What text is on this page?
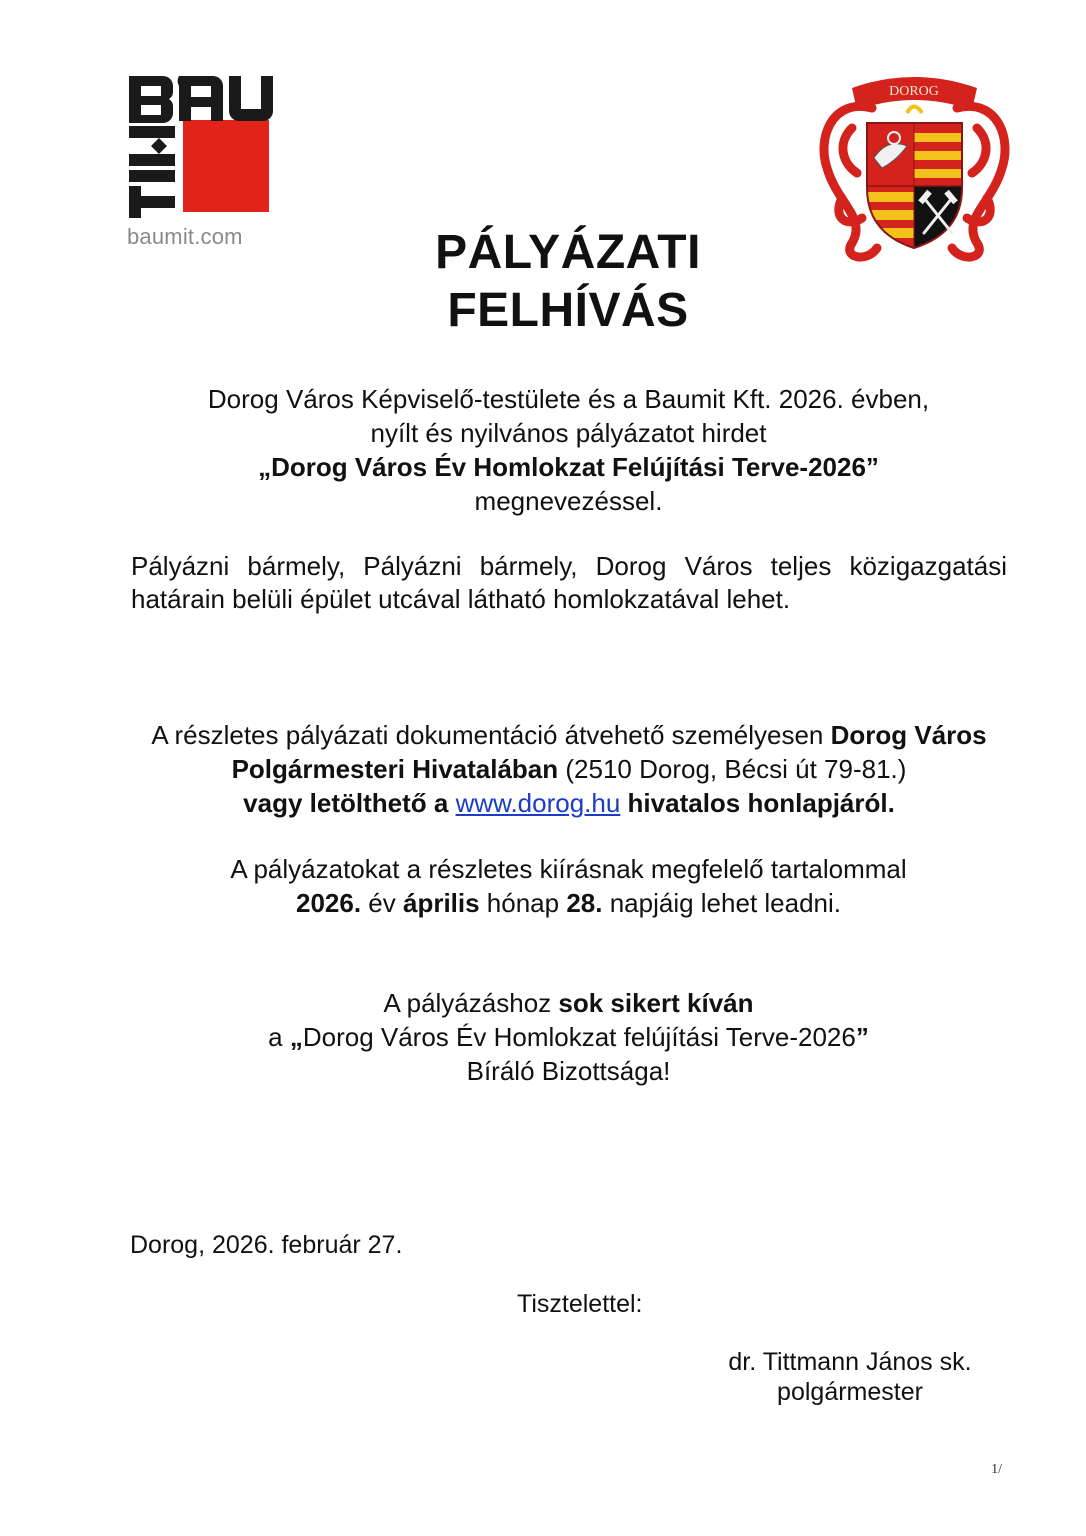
baumit.com
DOROG
PÁLYÁZATI
FELHÍVÁS
Dorog Város Képviselő-testülete és a Baumit Kft. 2026. évben,
nyílt és nyilvános pályázatot hirdet
„Dorog Város Év Homlokzat Felújítási Terve-2026”
megnevezéssel.
Pályázni bármely, Pályázni bármely, Dorog Város teljes közigazgatási határain belüli épület utcával látható homlokzatával lehet.
A részletes pályázati dokumentáció átvehető személyesen Dorog Város Polgármesteri Hivatalában (2510 Dorog, Bécsi út 79-81.)
vagy letölthető a www.dorog.hu hivatalos honlapjáról.
A pályázatokat a részletes kiírásnak megfelelő tartalommal
2026. év április hónap 28. napjáig lehet leadni.
A pályázáshoz sok sikert kíván
a „Dorog Város Év Homlokzat felújítási Terve-2026”
Bíráló Bizottsága!
Dorog, 2026. február 27.
Tisztelettel:
dr. Tittmann János sk.
polgármester
1/
